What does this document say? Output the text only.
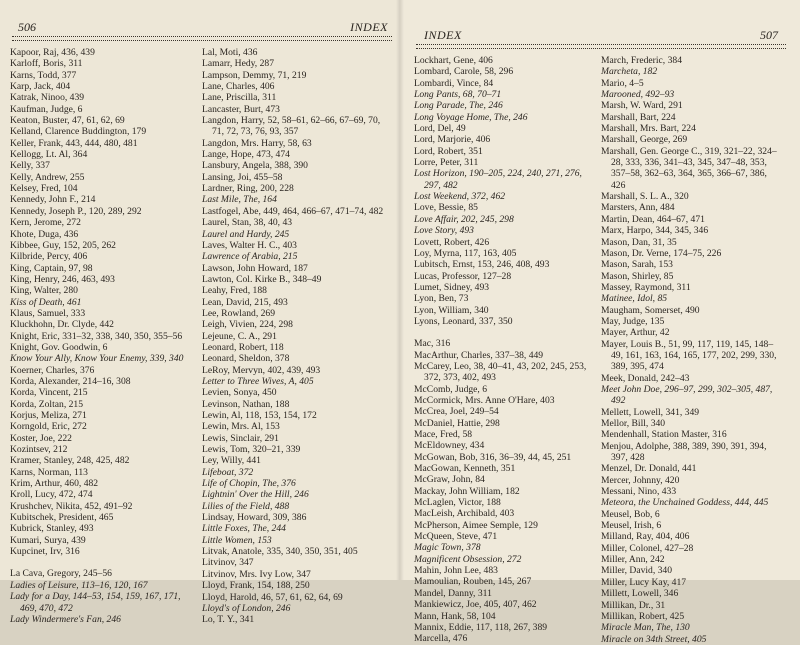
506	INDEX
Kapoor, Raj, 436, 439
Karloff, Boris, 311
Karns, Todd, 377
Karp, Jack, 404
Katrak, Ninoo, 439
Kaufman, Judge, 6
Keaton, Buster, 47, 61, 62, 69
Kelland, Clarence Buddington, 179
Keller, Frank, 443, 444, 480, 481
Kellogg, Lt. Al, 364
Kelly, 337
Kelly, Andrew, 255
Kelsey, Fred, 104
Kennedy, John F., 214
Kennedy, Joseph P., 120, 289, 292
Kern, Jerome, 272
Khote, Duga, 436
Kibbee, Guy, 152, 205, 262
Kilbride, Percy, 406
King, Captain, 97, 98
King, Henry, 246, 463, 493
King, Walter, 280
Kiss of Death, 461
Klaus, Samuel, 333
Kluckhohn, Dr. Clyde, 442
Knight, Eric, 331–32, 338, 340, 350, 355–56
Knight, Gov. Goodwin, 6
Know Your Ally, Know Your Enemy, 339, 340
Koerner, Charles, 376
Korda, Alexander, 214–16, 308
Korda, Vincent, 215
Korda, Zoltan, 215
Korjus, Meliza, 271
Korngold, Eric, 272
Koster, Joe, 222
Kozintsev, 212
Kramer, Stanley, 248, 425, 482
Karns, Norman, 113
Krim, Arthur, 460, 482
Kroll, Lucy, 472, 474
Krushchev, Nikita, 452, 491–92
Kubitschek, President, 465
Kubrick, Stanley, 493
Kumari, Surya, 439
Kupcinet, Irv, 316
La Cava, Gregory, 245–56
Ladies of Leisure, 113–16, 120, 167
Lady for a Day, 144–53, 154, 159, 167, 171, 469, 470, 472
Lady Windermere's Fan, 246
Lal, Moti, 436
Lamarr, Hedy, 287
Lampson, Demmy, 71, 219
Lane, Charles, 406
Lane, Priscilla, 311
Lancaster, Burt, 473
Langdon, Harry, 52, 58–61, 62–66, 67–69, 70, 71, 72, 73, 76, 93, 357
Langdon, Mrs. Harry, 58, 63
Lange, Hope, 473, 474
Lansbury, Angela, 388, 390
Lansing, Joi, 455–58
Lardner, Ring, 200, 228
Last Mile, The, 164
Lastfogel, Abe, 449, 464, 466–67, 471–74, 482
Laurel, Stan, 38, 40, 43
Laurel and Hardy, 245
Laves, Walter H. C., 403
Lawrence of Arabia, 215
Lawson, John Howard, 187
Lawton, Col. Kirke B., 348–49
Leahy, Fred, 188
Lean, David, 215, 493
Lee, Rowland, 269
Leigh, Vivien, 224, 298
Lejeune, C. A., 291
Leonard, Robert, 118
Leonard, Sheldon, 378
LeRoy, Mervyn, 402, 439, 493
Letter to Three Wives, A, 405
Levien, Sonya, 450
Levinson, Nathan, 188
Lewin, Al, 118, 153, 154, 172
Lewin, Mrs. Al, 153
Lewis, Sinclair, 291
Lewis, Tom, 320–21, 339
Ley, Willy, 441
Lifeboat, 372
Life of Chopin, The, 376
Lightnin' Over the Hill, 246
Lilies of the Field, 488
Lindsay, Howard, 309, 386
Little Foxes, The, 244
Little Women, 153
Litvak, Anatole, 335, 340, 350, 351, 405
Litvinov, 347
Litvinov, Mrs. Ivy Low, 347
Lloyd, Frank, 154, 188, 250
Lloyd, Harold, 46, 57, 61, 62, 64, 69
Lloyd's of London, 246
Lo, T. Y., 341
INDEX	507
Lockhart, Gene, 406
Lombard, Carole, 58, 296
Lombardi, Vince, 84
Long Pants, 68, 70–71
Long Parade, The, 246
Long Voyage Home, The, 246
Lord, Del, 49
Lord, Marjorie, 406
Lord, Robert, 351
Lorre, Peter, 311
Lost Horizon, 190–205, 224, 240, 271, 276, 297, 482
Lost Weekend, 372, 462
Love, Bessie, 85
Love Affair, 202, 245, 298
Love Story, 493
Lovett, Robert, 426
Loy, Myrna, 117, 163, 405
Lubitsch, Ernst, 153, 246, 408, 493
Lucas, Professor, 127–28
Lumet, Sidney, 493
Lyon, Ben, 73
Lyon, William, 340
Lyons, Leonard, 337, 350
Mac, 316
MacArthur, Charles, 337–38, 449
McCarey, Leo, 38, 40–41, 43, 202, 245, 253, 372, 373, 402, 493
McComb, Judge, 6
McCormick, Mrs. Anne O'Hare, 403
McCrea, Joel, 249–54
McDaniel, Hattie, 298
Mace, Fred, 58
McEldowney, 434
McGowan, Bob, 316, 36–39, 44, 45, 251
MacGowan, Kenneth, 351
McGraw, John, 84
Mackay, John William, 182
McLaglen, Victor, 188
MacLeish, Archibald, 403
McPherson, Aimee Semple, 129
McQueen, Steve, 471
Magic Town, 378
Magnificent Obsession, 272
Mahin, John Lee, 483
Mamoulian, Rouben, 145, 267
Mandel, Danny, 311
Mankiewicz, Joe, 405, 407, 462
Mann, Hank, 58, 104
Mannix, Eddie, 117, 118, 267, 389
Marcella, 476
March, Frederic, 384
Marcheta, 182
Mario, 4–5
Marooned, 492–93
Marsh, W. Ward, 291
Marshall, Bart, 224
Marshall, Mrs. Bart, 224
Marshall, George, 269
Marshall, Gen. George C., 319, 321–22, 324–28, 333, 336, 341–43, 345, 347–48, 353, 357–58, 362–63, 364, 365, 366–67, 386, 426
Marshall, S. L. A., 320
Marsters, Ann, 484
Martin, Dean, 464–67, 471
Marx, Harpo, 344, 345, 346
Mason, Dan, 31, 35
Mason, Dr. Verne, 174–75, 226
Mason, Sarah, 153
Mason, Shirley, 85
Massey, Raymond, 311
Matinee, Idol, 85
Maugham, Somerset, 490
May, Judge, 135
Mayer, Arthur, 42
Mayer, Louis B., 51, 99, 117, 119, 145, 148–49, 161, 163, 164, 165, 177, 202, 299, 330, 389, 395, 474
Meek, Donald, 242–43
Meet John Doe, 296–97, 299, 302–305, 487, 492
Mellett, Lowell, 341, 349
Mellor, Bill, 340
Mendenhall, Station Master, 316
Menjou, Adolphe, 388, 389, 390, 391, 394, 397, 428
Menzel, Dr. Donald, 441
Mercer, Johnny, 420
Messani, Nino, 433
Meteora, the Unchained Goddess, 444, 445
Meusel, Bob, 6
Meusel, Irish, 6
Milland, Ray, 404, 406
Miller, Colonel, 427–28
Miller, Ann, 242
Miller, David, 340
Miller, Lucy Kay, 417
Millett, Lowell, 346
Millikan, Dr., 31
Millikan, Robert, 425
Miracle Man, The, 130
Miracle on 34th Street, 405
